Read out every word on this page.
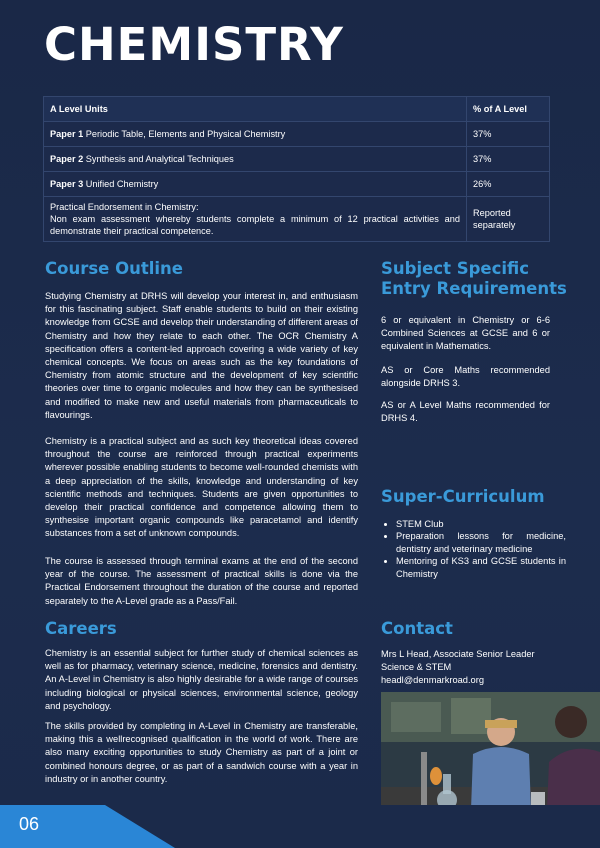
CHEMISTRY
A Level Units	% of A Level
Paper 1 Periodic Table, Elements and Physical Chemistry	37%
Paper 2 Synthesis and Analytical Techniques	37%
Paper 3 Unified Chemistry	26%

Practical Endorsement in Chemistry:
Non exam assessment whereby students complete a minimum of 12 practical activities and demonstrate their practical competence.	Reported separately
Course Outline

Studying Chemistry at DRHS will develop your interest in, and enthusiasm for this fascinating subject. Staff enable students to build on their existing knowledge from GCSE and develop their understanding of different areas of Chemistry and how they relate to each other. The OCR Chemistry A specification offers a content-led approach covering a wide variety of key chemical concepts. We focus on areas such as the key foundations of Chemistry from atomic structure and the development of key scientific theories over time to organic molecules and how they can be synthesised and modified to make new and useful materials from pharmaceuticals to flavourings.

Chemistry is a practical subject and as such key theoretical ideas covered throughout the course are reinforced through practical experiments wherever possible enabling students to become well-rounded chemists with a deep appreciation of the skills, knowledge and understanding of key scientific methods and techniques. Students are given opportunities to develop their practical confidence and competence allowing them to synthesise important organic compounds like paracetamol and identify substances from a set of unknown compounds.

The course is assessed through terminal exams at the end of the second year of the course. The assessment of practical skills is done via the Practical Endorsement throughout the duration of the course and reported separately to the A-Level grade as a Pass/Fail.

Subject Specific
Entry Requirements

6 or equivalent in Chemistry or 6-6 Combined Sciences at GCSE and 6 or equivalent in Mathematics.

AS or Core Maths recommended alongside DRHS 3.

AS or A Level Maths recommended for DRHS 4.

Super-Curriculum
• STEM Club
• Preparation lessons for medicine, dentistry and veterinary medicine
• Mentoring of KS3 and GCSE students in Chemistry
Careers

Chemistry is an essential subject for further study of chemical sciences as well as for pharmacy, veterinary science, medicine, forensics and dentistry. An A-Level in Chemistry is also highly desirable for a wide range of courses including biological or physical sciences, environmental science, geology and psychology.

The skills provided by completing in A-Level in Chemistry are transferable, making this a wellrecognised qualification in the world of work. There are also many exciting opportunities to study Chemistry as part of a joint or combined honours degree, or as part of a sandwich course with a year in industry or in another country.

Contact

Mrs L Head, Associate Senior Leader

Science & STEM

headl@denmarkroad.org

06
